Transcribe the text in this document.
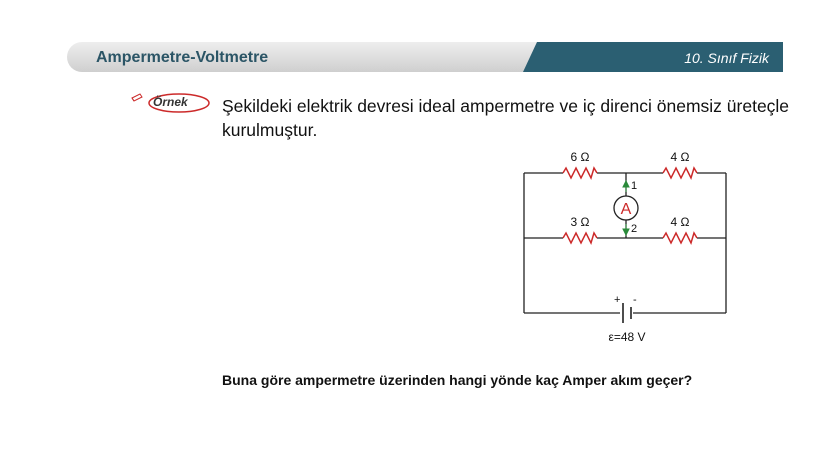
Ampermetre-Voltmetre	10. Sınıf Fizik
Örnek Şekildeki elektrik devresi ideal ampermetre ve iç direnci önemsiz üreteçle kurulmuştur.
6 Ω	4 Ω
3 Ω	4 Ω
A
1
2
+ -
ε=48 V
Buna göre ampermetre üzerinden hangi yönde kaç Amper akım geçer?
